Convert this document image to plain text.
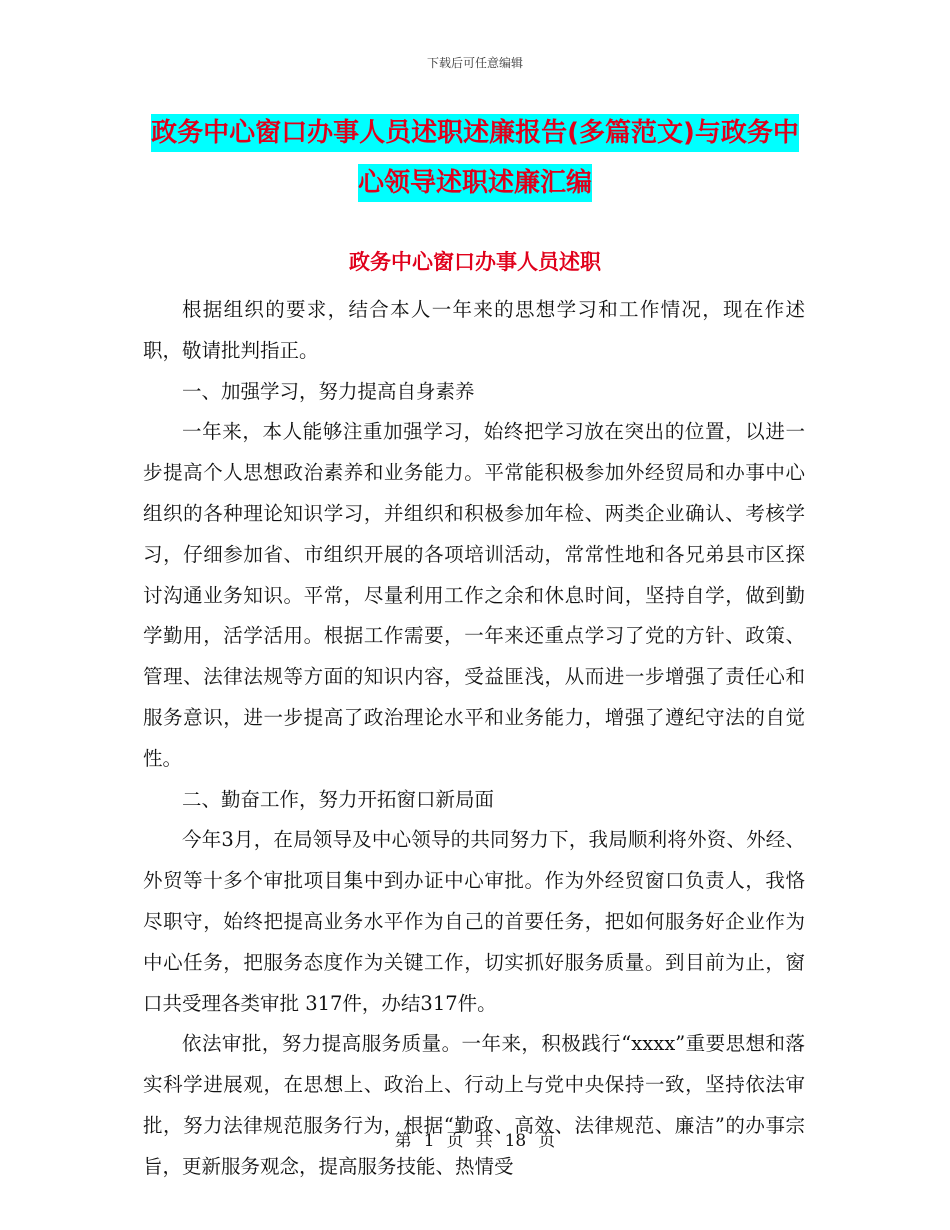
下载后可任意编辑
政务中心窗口办事人员述职述廉报告(多篇范文)与政务中心领导述职述廉汇编
政务中心窗口办事人员述职

根据组织的要求，结合本人一年来的思想学习和工作情况，现在作述职，敬请批判指正。

一、加强学习，努力提高自身素养

一年来，本人能够注重加强学习，始终把学习放在突出的位置，以进一步提高个人思想政治素养和业务能力。平常能积极参加外经贸局和办事中心组织的各种理论知识学习，并组织和积极参加年检、两类企业确认、考核学习，仔细参加省、市组织开展的各项培训活动，常常性地和各兄弟县市区探讨沟通业务知识。平常，尽量利用工作之余和休息时间，坚持自学，做到勤学勤用，活学活用。根据工作需要，一年来还重点学习了党的方针、政策、管理、法律法规等方面的知识内容，受益匪浅，从而进一步增强了责任心和服务意识，进一步提高了政治理论水平和业务能力，增强了遵纪守法的自觉性。

二、勤奋工作，努力开拓窗口新局面

今年3月，在局领导及中心领导的共同努力下，我局顺利将外资、外经、外贸等十多个审批项目集中到办证中心审批。作为外经贸窗口负责人，我恪尽职守，始终把提高业务水平作为自己的首要任务，把如何服务好企业作为中心任务，把服务态度作为关键工作，切实抓好服务质量。到目前为止，窗口共受理各类审批 317件，办结317件。

依法审批，努力提高服务质量。一年来，积极践行“xxxx”重要思想和落实科学进展观，在思想上、政治上、行动上与党中央保持一致，坚持依法审批，努力法律规范服务行为，根据“勤政、高效、法律规范、廉洁”的办事宗旨，更新服务观念，提高服务技能、热情受

第 1 页 共 18 页
